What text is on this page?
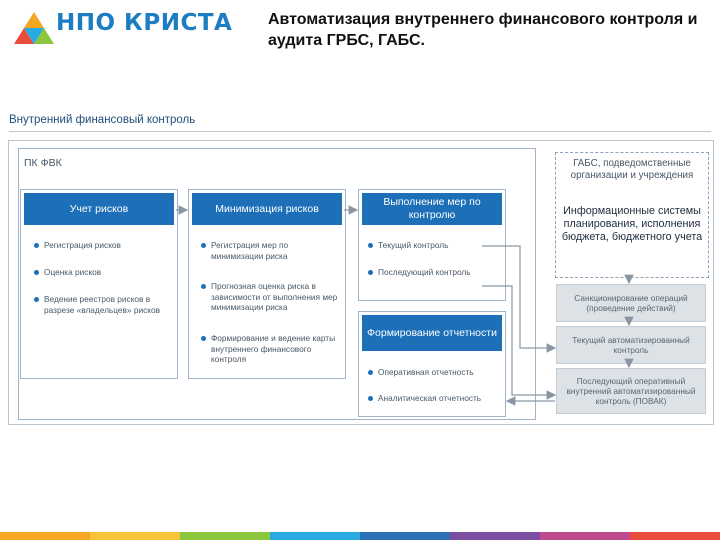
НПО КРИСТА Автоматизация внутреннего финансового контроля и аудита ГРБС, ГАБС.
Внутренний финансовый контроль
ПК ФВК
Учет рисков
Регистрация рисков
Оценка рисков
Ведение реестров рисков в разрезе «владельцев» рисков
Минимизация рисков
Регистрация мер по минимизации риска
Прогнозная оценка риска в зависимости от выполнения мер минимизации риска
Формирование и ведение карты внутреннего финансового контроля
Выполнение мер по контролю
Текущий контроль
Последующий контроль
Формирование отчетности
Оперативная отчетность
Аналитическая отчетность
ГАБС, подведомственные организации и учреждения
Информационные системы планирования, исполнения бюджета, бюджетного учета
Санкционирование операций (проведение действий)
Текущий автоматизированный контроль
Последующий оперативный внутренний автоматизированный контроль (ПОВАК)
